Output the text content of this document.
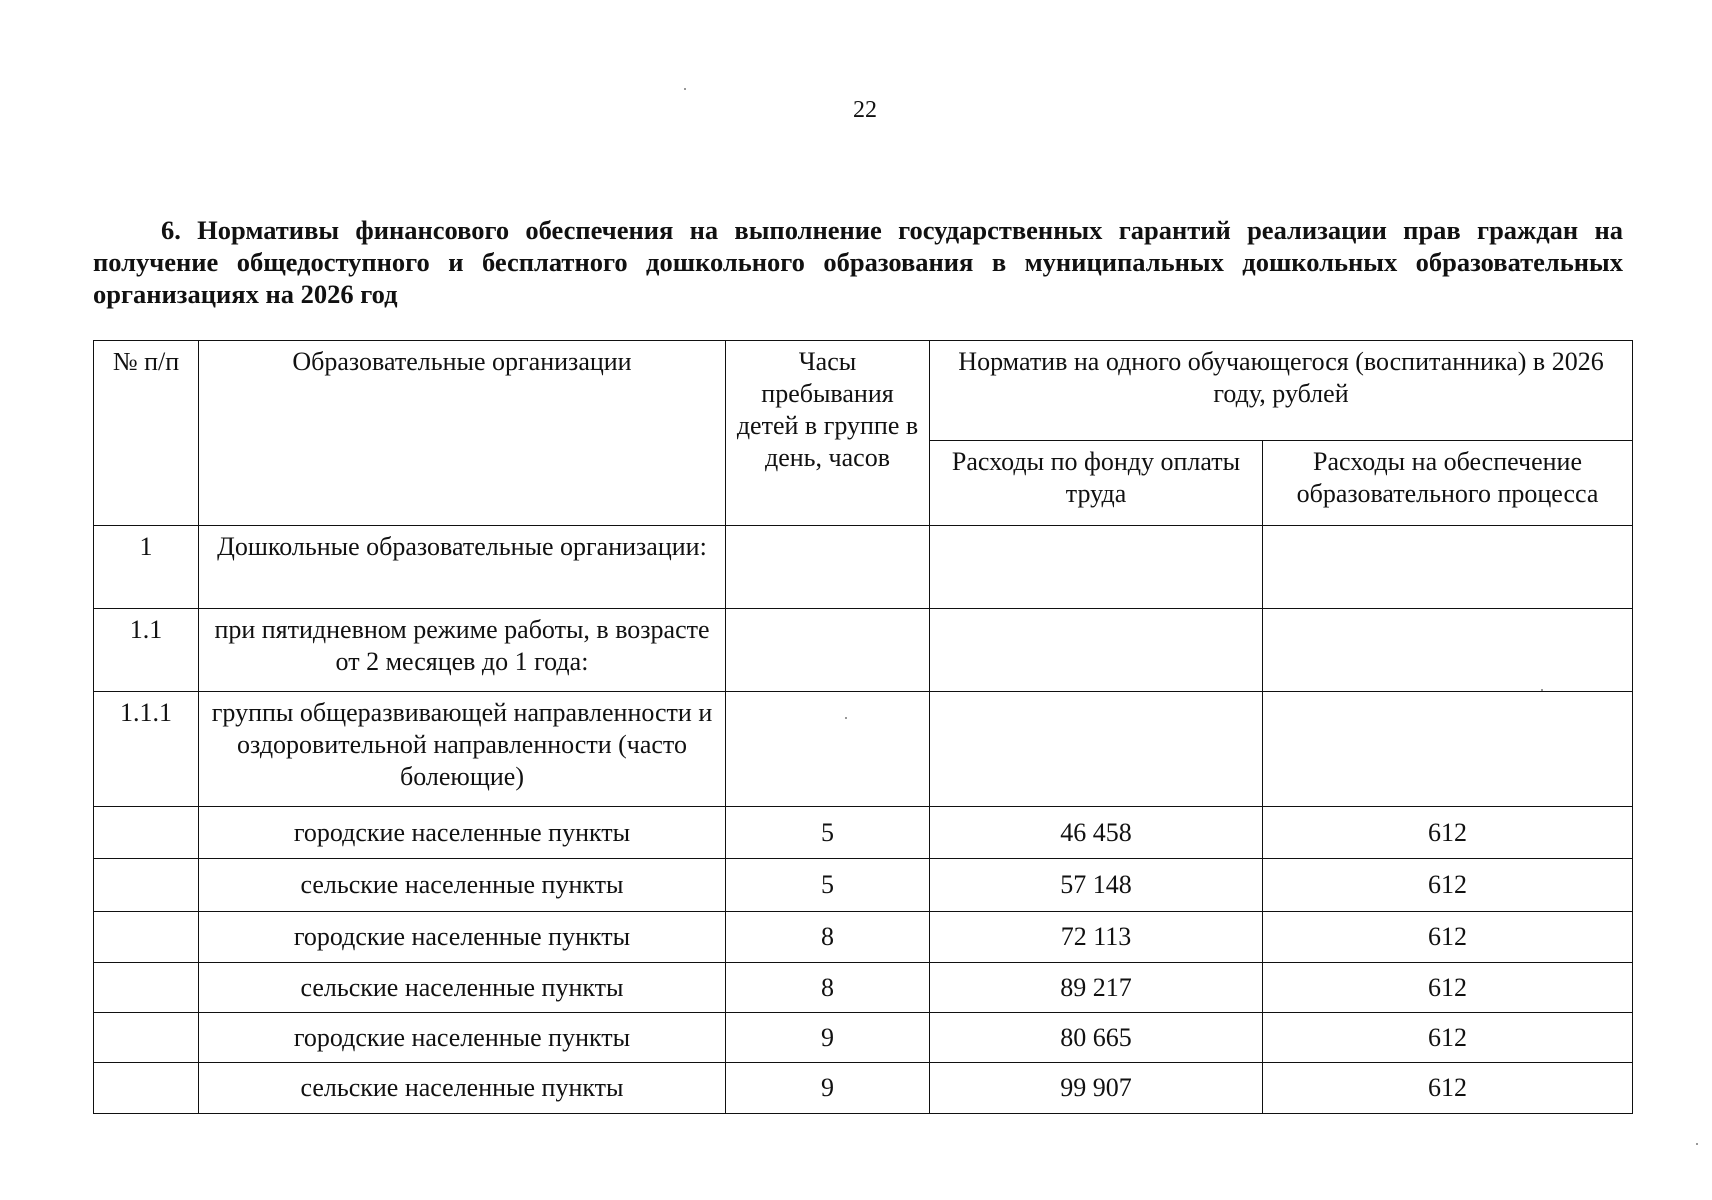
22

6. Нормативы финансового обеспечения на выполнение государственных гарантий реализации прав граждан на получение общедоступного и бесплатного дошкольного образования в муниципальных дошкольных образовательных организациях на 2026 год

№ п/п	Образовательные организации	Часы пребывания детей в группе в день, часов	Норматив на одного обучающегося (воспитанника) в 2026 году, рублей	
			Расходы по фонду оплаты труда	Расходы на обеспечение образовательного процесса
1	Дошкольные образовательные организации:			
1.1	при пятидневном режиме работы, в возрасте от 2 месяцев до 1 года:			
1.1.1	группы общеразвивающей направленности и оздоровительной направленности (часто болеющие)			
	городские населенные пункты	5	46 458	612
	сельские населенные пункты	5	57 148	612
	городские населенные пункты	8	72 113	612
	сельские населенные пункты	8	89 217	612
	городские населенные пункты	9	80 665	612
	сельские населенные пункты	9	99 907	612
